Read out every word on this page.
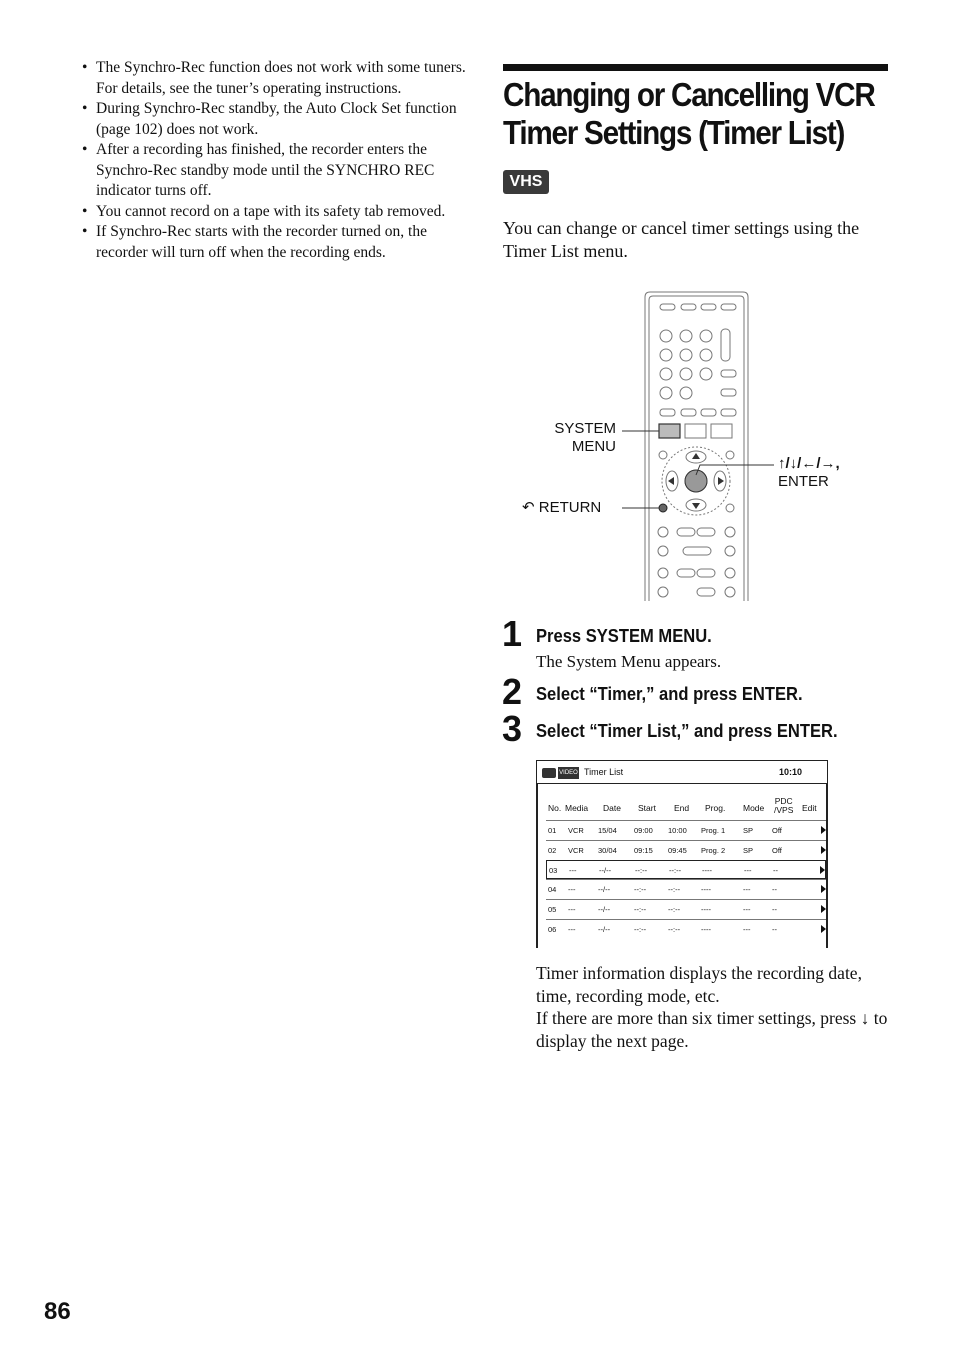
• The Synchro-Rec function does not work with some tuners. For details, see the tuner’s operating instructions.
• During Synchro-Rec standby, the Auto Clock Set function (page 102) does not work.
• After a recording has finished, the recorder enters the Synchro-Rec standby mode until the SYNCHRO REC indicator turns off.
• You cannot record on a tape with its safety tab removed.
• If Synchro-Rec starts with the recorder turned on, the recorder will turn off when the recording ends.
Changing or Cancelling VCR
Timer Settings (Timer List)
VHS

You can change or cancel timer settings using the Timer List menu.

SYSTEM
MENU
↶ RETURN
↑/↓/←/→,
ENTER
1 Press SYSTEM MENU.
The System Menu appears.
2 Select “Timer,” and press ENTER.
3 Select “Timer List,” and press ENTER.
VIDEO Timer List	10:10
No. Media Date Start End Prog. Mode
PDC
/VPS Edit
01 VCR 15/04 09:00 10:00 Prog. 1 SP	Off
02 VCR 30/04 09:15 09:45 Prog. 2 SP	Off
03 ---	--/--	--:--	--:--	----	---	--
04 ---	--/--	--:--	--:--	----	---	--
05 ---	--/--	--:--	--:--	----	---	--
06 ---	--/--	--:--	--:--	----	---	--

Timer information displays the recording date, time, recording mode, etc.
If there are more than six timer settings, press ↓ to display the next page.

86
